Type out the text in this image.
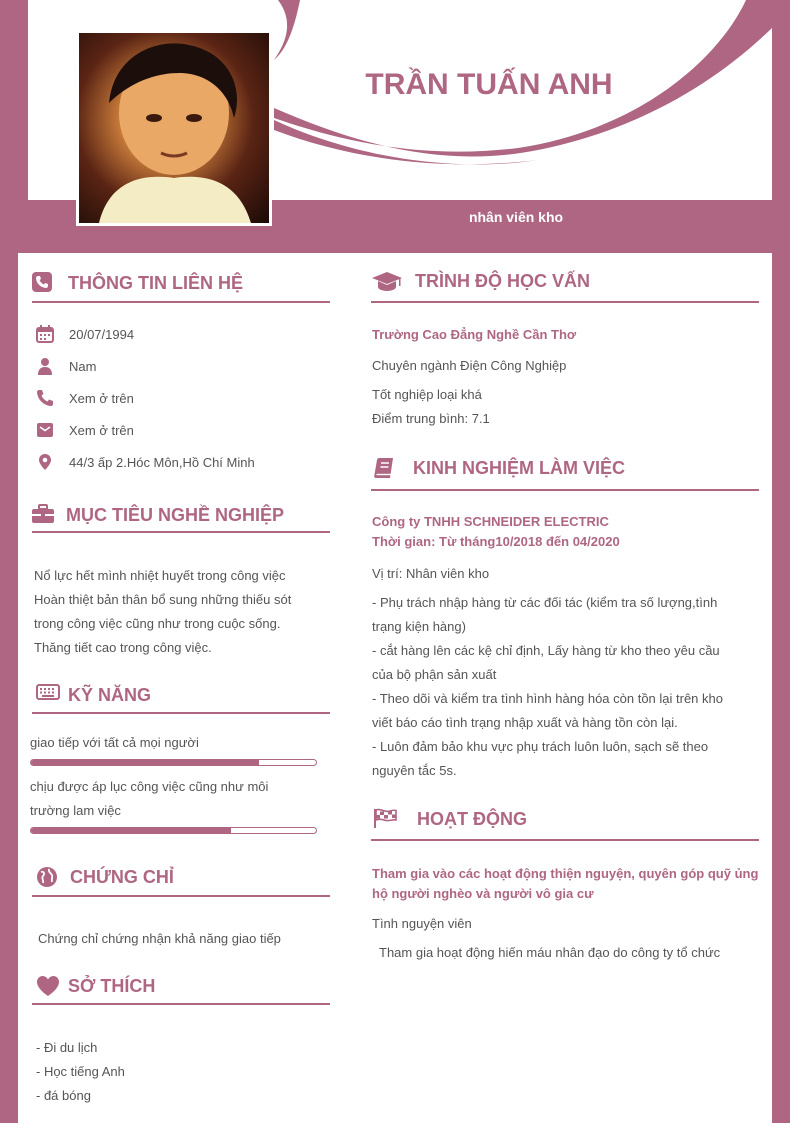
TRẦN TUẤN ANH
nhân viên kho
THÔNG TIN LIÊN HỆ
20/07/1994
Nam
Xem ở trên
Xem ở trên
44/3 ấp 2.Hóc Môn,Hồ Chí Minh
MỤC TIÊU NGHỀ NGHIỆP
Nổ lực hết mình nhiệt huyết trong công việc
Hoàn thiệt bản thân bổ sung những thiếu sót
trong công việc cũng như trong cuộc sống.
Thăng tiết cao trong công việc.
KỸ NĂNG
giao tiếp với tất cả mọi người
chịu được áp lục công việc cũng như môi
trường lam việc
CHỨNG CHỈ
Chứng chỉ chứng nhận khả năng giao tiếp
SỞ THÍCH
- Đi du lịch
- Học tiếng Anh
- đá bóng
TRÌNH ĐỘ HỌC VẤN
Trường Cao Đẳng Nghề Cần Thơ
Chuyên ngành Điện Công Nghiệp
Tốt nghiệp loại khá
Điểm trung bình: 7.1
KINH NGHIỆM LÀM VIỆC
Công ty TNHH SCHNEIDER ELECTRIC
Thời gian: Từ tháng10/2018 đến 04/2020
Vị trí: Nhân viên kho
- Phụ trách nhập hàng từ các đối tác (kiểm tra số lượng,tình
trạng kiện hàng)
- cắt hàng lên các kệ chỉ định, Lấy hàng từ kho theo yêu cầu
của bộ phận sản xuất
- Theo dõi và kiểm tra tình hình hàng hóa còn tồn lại trên kho
viết báo cáo tình trạng nhập xuất và hàng tồn còn lại.
- Luôn đảm bảo khu vực phụ trách luôn luôn, sạch sẽ theo
nguyên tắc 5s.
HOẠT ĐỘNG
Tham gia vào các hoạt động thiện nguyện, quyên góp quỹ ủng
hộ người nghèo và người vô gia cư
Tình nguyện viên
Tham gia hoạt động hiến máu nhân đạo do công ty tổ chức
